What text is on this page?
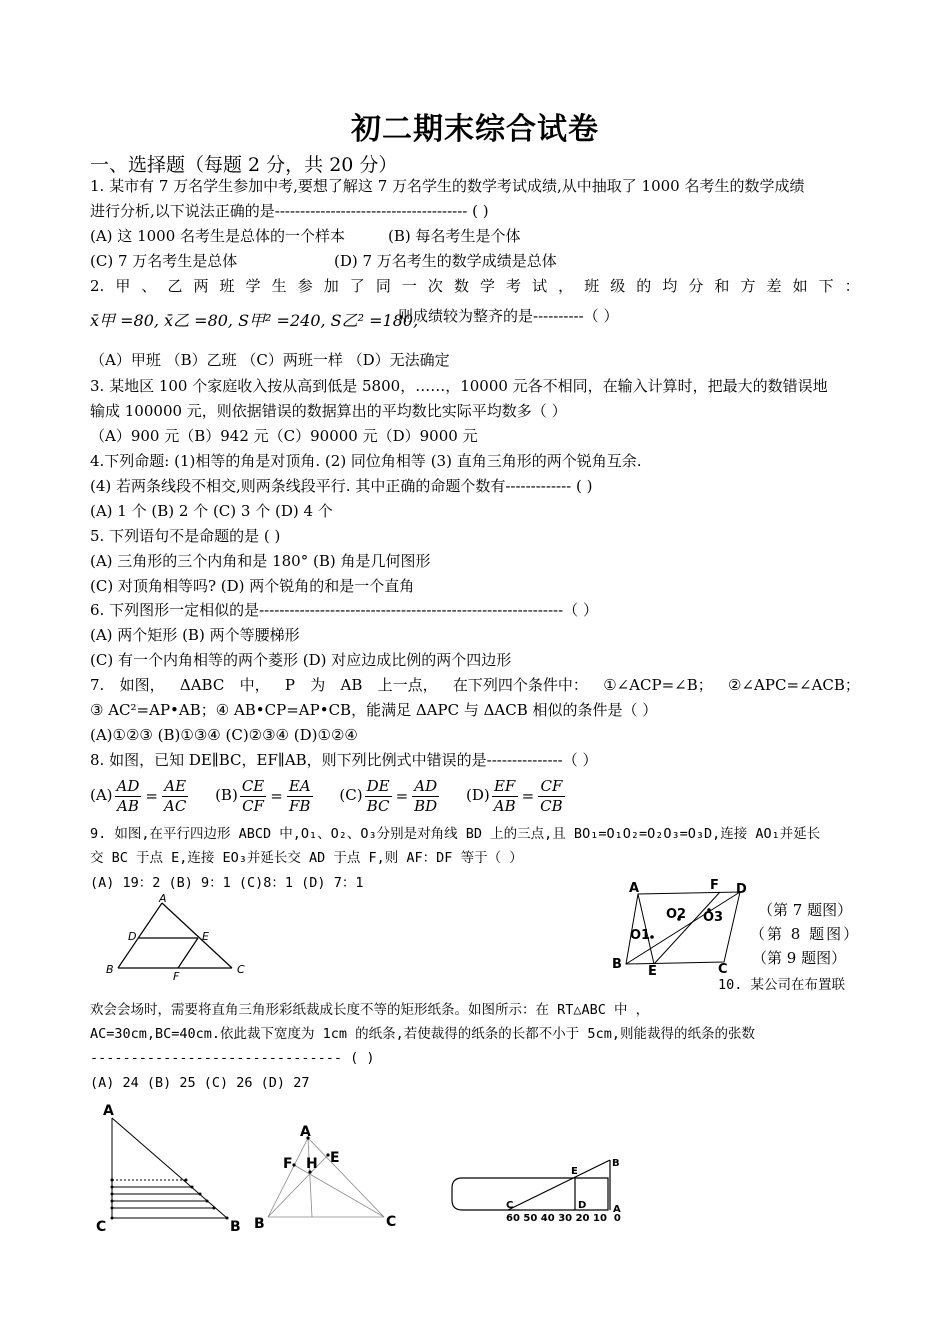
初二期末综合试卷
一、选择题（每题 2 分，共 20 分）
1. 某市有 7 万名学生参加中考,要想了解这 7 万名学生的数学考试成绩,从中抽取了 1000 名考生的数学成绩
进行分析,以下说法正确的是-------------------------------------- ( )
(A) 这 1000 名考生是总体的一个样本	(B) 每名考生是个体
(C) 7 万名考生是总体	(D) 7 万名考生的数学成绩是总体
2. 甲 、 乙 两 班 学 生 参 加 了 同 一 次 数 学 考 试 ， 班 级 的 均 分 和 方 差 如 下 ：
x̄甲 =80, x̄乙 =80, S甲² =240, S乙² =180,
则成绩较为整齐的是----------（ ）
（A）甲班 （B）乙班 （C）两班一样 （D）无法确定
3. 某地区 100 个家庭收入按从高到低是 5800，……，10000 元各不相同，在输入计算时，把最大的数错误地
输成 100000 元，则依据错误的数据算出的平均数比实际平均数多（ ）
（A）900 元（B）942 元（C）90000 元（D）9000 元
4.下列命题: (1)相等的角是对顶角. (2) 同位角相等 (3) 直角三角形的两个锐角互余.
(4) 若两条线段不相交,则两条线段平行. 其中正确的命题个数有------------- ( )
(A) 1 个 (B) 2 个 (C) 3 个 (D) 4 个
5. 下列语句不是命题的是 ( )
(A) 三角形的三个内角和是 180° (B) 角是几何图形
(C) 对顶角相等吗? (D) 两个锐角的和是一个直角
6. 下列图形一定相似的是------------------------------------------------------------（ ）
(A) 两个矩形 (B) 两个等腰梯形
(C) 有一个内角相等的两个菱形 (D) 对应边成比例的两个四边形
7. 如图， ΔABC 中， P 为 AB 上一点， 在下列四个条件中： ①∠ACP=∠B； ②∠APC=∠ACB；
③ AC²=AP•AB；④ AB•CP=AP•CB，能满足 ΔAPC 与 ΔACB 相似的条件是（ ）
(A)①②③ (B)①③④ (C)②③④ (D)①②④
8. 如图，已知 DE∥BC，EF∥AB，则下列比例式中错误的是---------------（ ）
$(A) \frac{AD}{AB} = \frac{AE}{AC} (B) \frac{CE}{CF} = \frac{EA}{FB} (C) \frac{DE}{BC} = \frac{AD}{BD} (D) \frac{EF}{AB} = \frac{CF}{CB}$
9. 如图,在平行四边形 ABCD 中,O₁、O₂、O₃分别是对角线 BD 上的三点,且 BO₁=O₁O₂=O₂O₃=O₃D,连接 AO₁并延长
交 BC 于点 E,连接 EO₃并延长交 AD 于点 F,则 AF：DF 等于（ ）
(A) 19：2 (B) 9：1 (C)8：1 (D) 7：1
A
D	E
B
F
C
A	F D
O2 O3
O1
B E	C
（第 7 题图）
（第 8 题图）
（第 9 题图）
10. 某公司在布置联
欢会会场时，需要将直角三角形彩纸裁成长度不等的矩形纸条。如图所示：在 RT△ABC 中 ，
AC=30cm,BC=40cm.依此裁下宽度为 1cm 的纸条,若使裁得的纸条的长都不小于 5cm,则能裁得的纸条的张数
------------------------------- ( )
(A) 24 (B) 25 (C) 26 (D) 27
A
C	B
A
F H E
B	C
E
B
C	D	A
60 50 40 30 20 10  0
